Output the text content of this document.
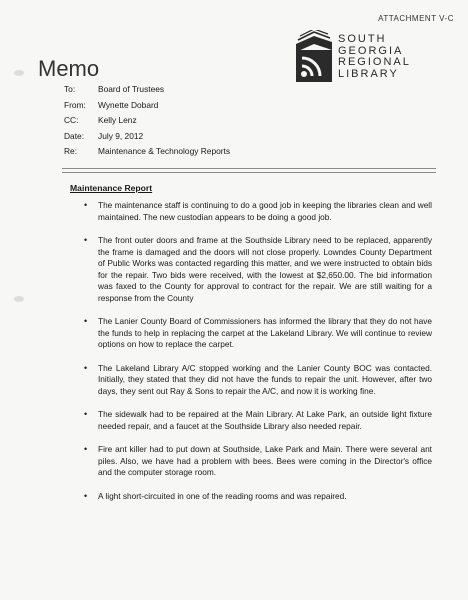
ATTACHMENT V-C
SOUTH
GEORGIA
REGIONAL
LIBRARY
Memo
To:	Board of Trustees
From: Wynette Dobard
CC: Kelly Lenz
Date: July 9, 2012
Re: Maintenance & Technology Reports
Maintenance Report
• The maintenance staff is continuing to do a good job in keeping the libraries clean and well maintained. The new custodian appears to be doing a good job.
• The front outer doors and frame at the Southside Library need to be replaced, apparently the frame is damaged and the doors will not close properly. Lowndes County Department of Public Works was contacted regarding this matter, and we were instructed to obtain bids for the repair. Two bids were received, with the lowest at $2,650.00. The bid information was faxed to the County for approval to contract for the repair. We are still waiting for a response from the County
• The Lanier County Board of Commissioners has informed the library that they do not have the funds to help in replacing the carpet at the Lakeland Library. We will continue to review options on how to replace the carpet.
• The Lakeland Library A/C stopped working and the Lanier County BOC was contacted. Initially, they stated that they did not have the funds to repair the unit. However, after two days, they sent out Ray & Sons to repair the A/C, and now it is working fine.
• The sidewalk had to be repaired at the Main Library. At Lake Park, an outside light fixture needed repair, and a faucet at the Southside Library also needed repair.
• Fire ant killer had to put down at Southside, Lake Park and Main. There were several ant piles. Also, we have had a problem with bees. Bees were coming in the Director's office and the computer storage room.
• A light short-circuited in one of the reading rooms and was repaired.
